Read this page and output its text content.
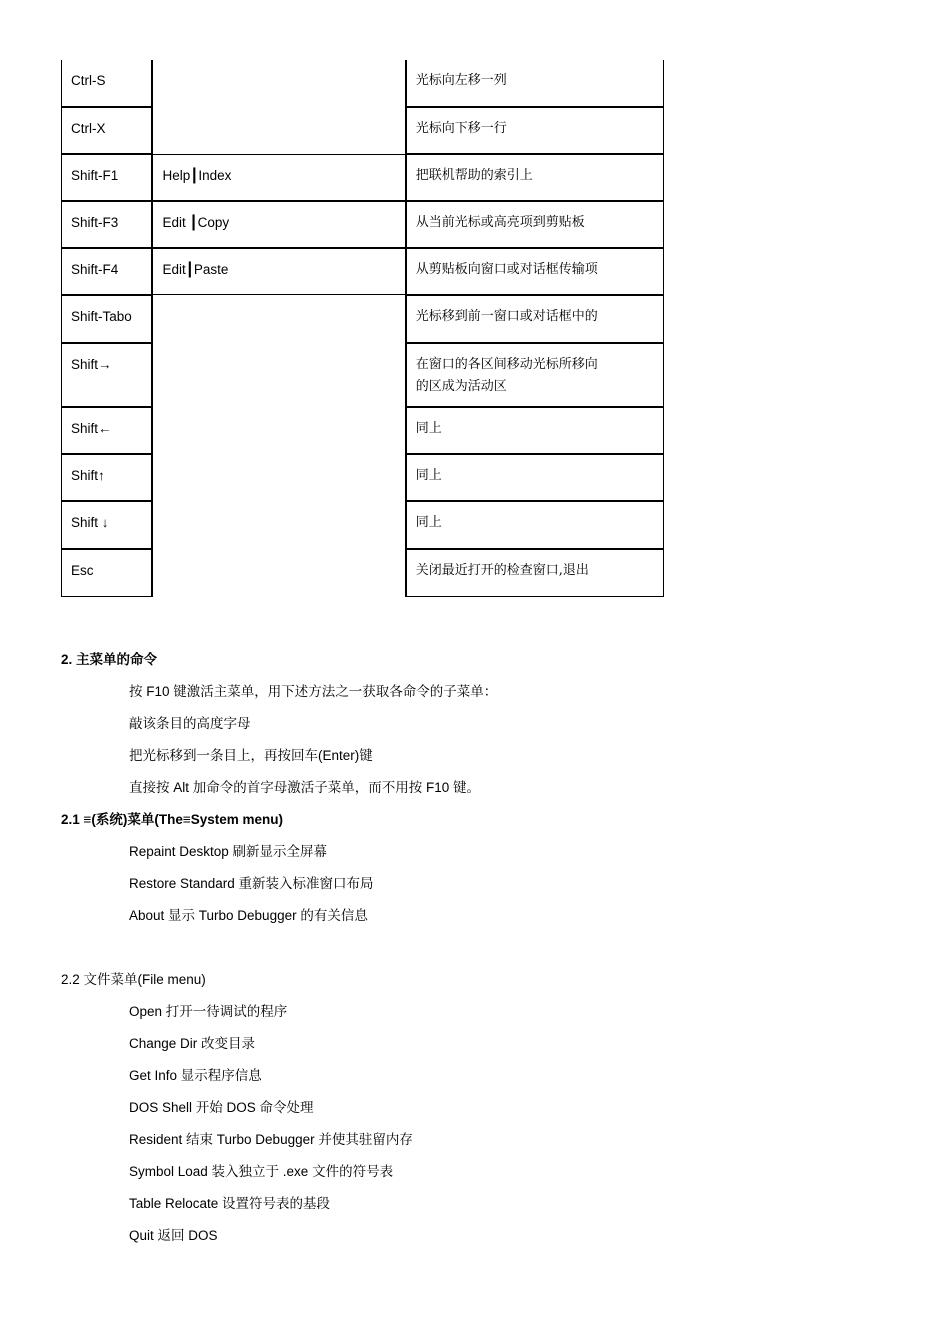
Ctrl-S		光标向左移一列

Ctrl-X		光标向下移一行

Shift-F1	Help┃Index	把联机帮助的索引上

Shift-F3	Edit ┃Copy	从当前光标或高亮项到剪贴板

Shift-F4	Edit┃Paste	从剪贴板向窗口或对话框传输项

Shift-Tabo		光标移到前一窗口或对话框中的

Shift→		在窗口的各区间移动光标所移向
的区成为活动区

Shift←		同上

Shift↑		同上

Shift ↓		同上

Esc		关闭最近打开的检查窗口,退出
2. 主菜单的命令
按 F10 键激活主菜单，用下述方法之一获取各命令的子菜单：
敲该条目的高度字母
把光标移到一条目上，再按回车(Enter)键
直接按 Alt 加命令的首字母激活子菜单，而不用按 F10 键。
2.1 ≡(系统)菜单(The≡System menu)
Repaint Desktop 刷新显示全屏幕
Restore Standard 重新装入标准窗口布局
About 显示 Turbo Debugger 的有关信息
2.2 文件菜单(File menu)
Open 打开一待调试的程序
Change Dir 改变目录
Get Info 显示程序信息
DOS Shell 开始 DOS 命令处理
Resident 结束 Turbo Debugger 并使其驻留内存
Symbol Load 装入独立于 .exe 文件的符号表
Table Relocate 设置符号表的基段
Quit 返回 DOS
